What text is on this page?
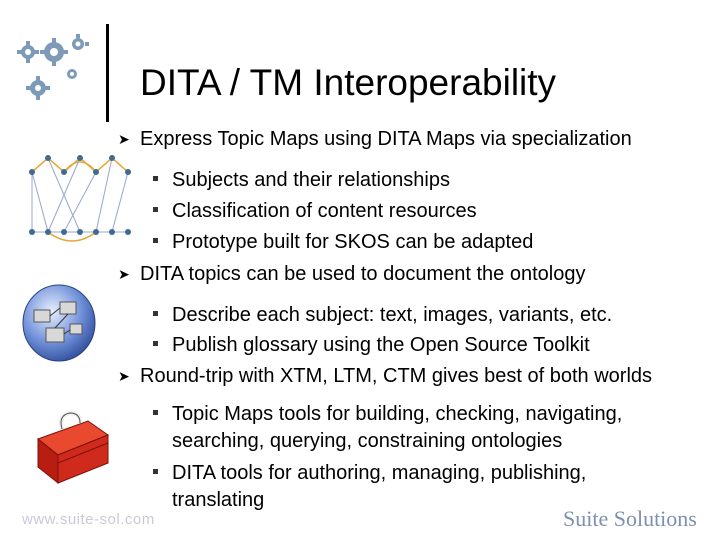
DITA / TM Interoperability
➤ Express Topic Maps using DITA Maps via specialization
Subjects and their relationships
Classification of content resources
Prototype built for SKOS can be adapted
➤ DITA topics can be used to document the ontology
Describe each subject: text, images, variants, etc.
Publish glossary using the Open Source Toolkit
➤ Round-trip with XTM, LTM, CTM gives best of both worlds
Topic Maps tools for building, checking, navigating,
searching, querying, constraining ontologies
DITA tools for authoring, managing, publishing,
translating
www.suite-sol.com	Suite Solutions
